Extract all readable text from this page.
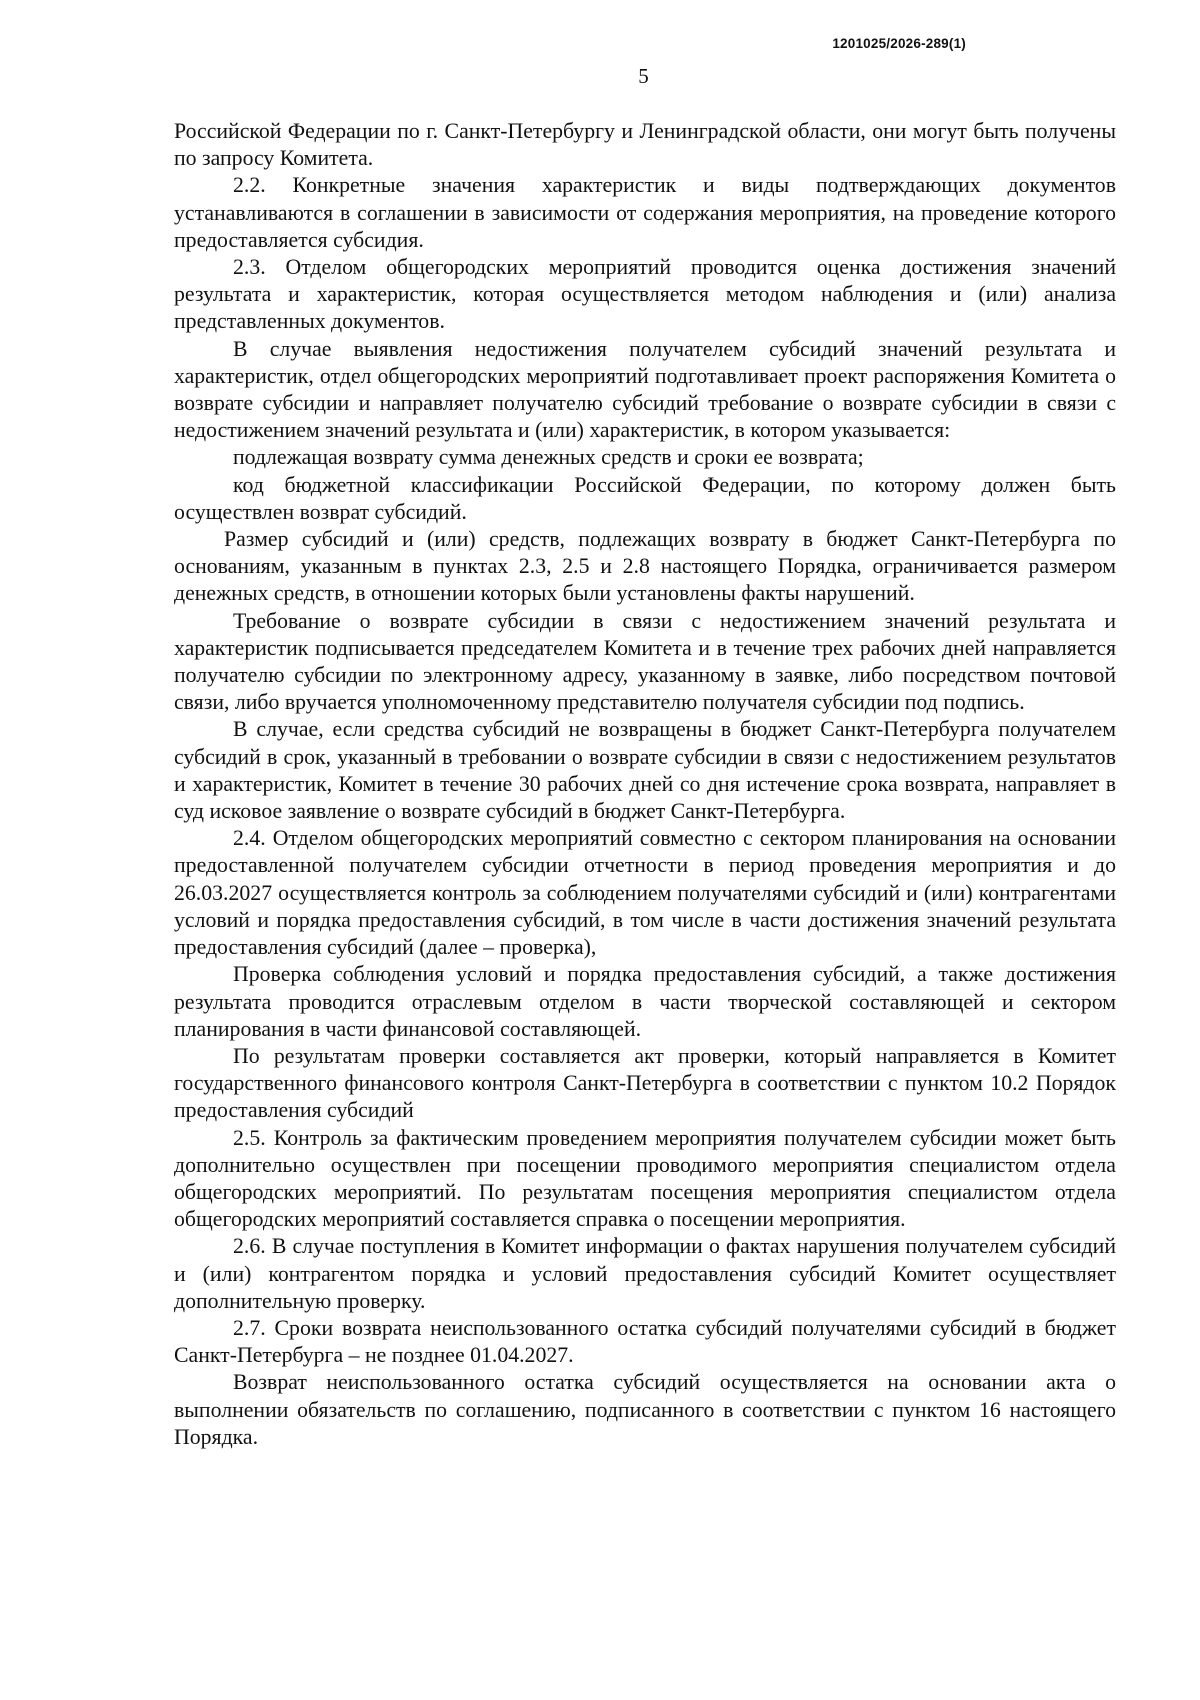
1201025/2026-289(1)
5

Российской Федерации по г. Санкт-Петербургу и Ленинградской области, они могут быть получены по запросу Комитета.

2.2. Конкретные значения характеристик и виды подтверждающих документов устанавливаются в соглашении в зависимости от содержания мероприятия, на проведение которого предоставляется субсидия.

2.3. Отделом общегородских мероприятий проводится оценка достижения значений результата и характеристик, которая осуществляется методом наблюдения и (или) анализа представленных документов.

В случае выявления недостижения получателем субсидий значений результата и характеристик, отдел общегородских мероприятий подготавливает проект распоряжения Комитета о возврате субсидии и направляет получателю субсидий требование о возврате субсидии в связи с недостижением значений результата и (или) характеристик, в котором указывается:

подлежащая возврату сумма денежных средств и сроки ее возврата;

код бюджетной классификации Российской Федерации, по которому должен быть осуществлен возврат субсидий.

Размер субсидий и (или) средств, подлежащих возврату в бюджет Санкт-Петербурга по основаниям, указанным в пунктах 2.3, 2.5 и 2.8 настоящего Порядка, ограничивается размером денежных средств, в отношении которых были установлены факты нарушений.

Требование о возврате субсидии в связи с недостижением значений результата и характеристик подписывается председателем Комитета и в течение трех рабочих дней направляется получателю субсидии по электронному адресу, указанному в заявке, либо посредством почтовой связи, либо вручается уполномоченному представителю получателя субсидии под подпись.

В случае, если средства субсидий не возвращены в бюджет Санкт-Петербурга получателем субсидий в срок, указанный в требовании о возврате субсидии в связи с недостижением результатов и характеристик, Комитет в течение 30 рабочих дней со дня истечение срока возврата, направляет в суд исковое заявление о возврате субсидий в бюджет Санкт-Петербурга.

2.4. Отделом общегородских мероприятий совместно с сектором планирования на основании предоставленной получателем субсидии отчетности в период проведения мероприятия и до 26.03.2027 осуществляется контроль за соблюдением получателями субсидий и (или) контрагентами условий и порядка предоставления субсидий, в том числе в части достижения значений результата предоставления субсидий (далее – проверка),

Проверка соблюдения условий и порядка предоставления субсидий, а также достижения результата проводится отраслевым отделом в части творческой составляющей и сектором планирования в части финансовой составляющей.

По результатам проверки составляется акт проверки, который направляется в Комитет государственного финансового контроля Санкт-Петербурга в соответствии с пунктом 10.2 Порядок предоставления субсидий

2.5. Контроль за фактическим проведением мероприятия получателем субсидии может быть дополнительно осуществлен при посещении проводимого мероприятия специалистом отдела общегородских мероприятий. По результатам посещения мероприятия специалистом отдела общегородских мероприятий составляется справка о посещении мероприятия.

2.6. В случае поступления в Комитет информации о фактах нарушения получателем субсидий и (или) контрагентом порядка и условий предоставления субсидий Комитет осуществляет дополнительную проверку.

2.7. Сроки возврата неиспользованного остатка субсидий получателями субсидий в бюджет Санкт-Петербурга – не позднее 01.04.2027.

Возврат неиспользованного остатка субсидий осуществляется на основании акта о выполнении обязательств по соглашению, подписанного в соответствии с пунктом 16 настоящего Порядка.
